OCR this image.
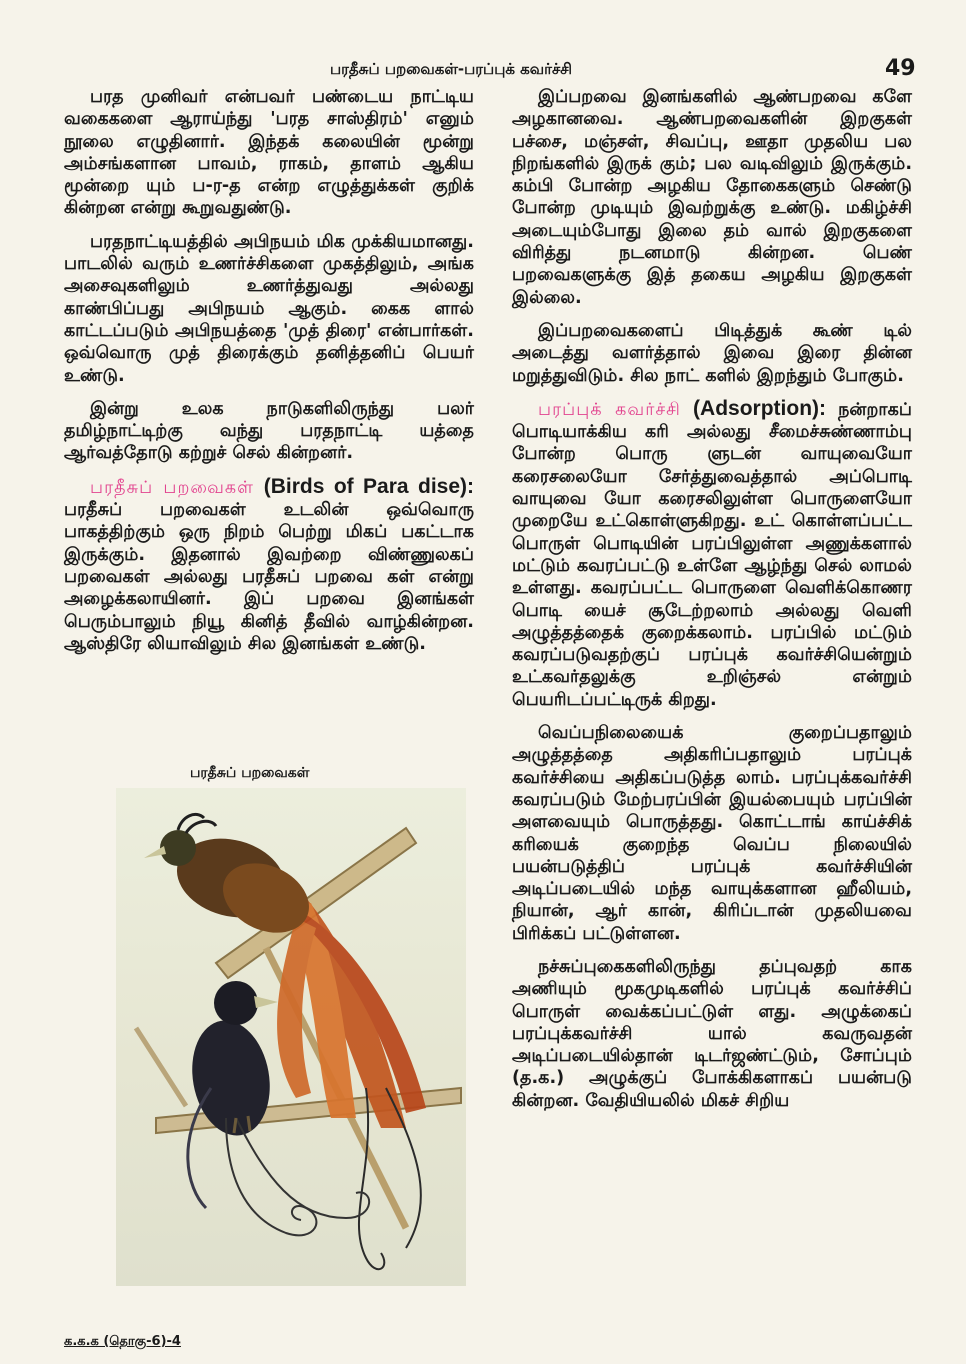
பரதீசுப் பறவைகள்-பரப்புக் கவர்ச்சி	49

பரத முனிவர் என்பவர் பண்டைய நாட்டிய வகைகளை ஆராய்ந்து 'பரத சாஸ்திரம்' எனும் நூலை எழுதினார். இந்தக் கலையின் மூன்று அம்சங்களான பாவம், ராகம், தாளம் ஆகிய மூன்றை யும் ப-ர-த என்ற எழுத்துக்கள் குறிக் கின்றன என்று கூறுவதுண்டு.

பரதநாட்டியத்தில் அபிநயம் மிக முக்கியமானது. பாடலில் வரும் உணர்ச்சிகளை முகத்திலும், அங்க அசைவுகளிலும் உணர்த்துவது அல்லது காண்பிப்பது அபிநயம் ஆகும். கைக ளால் காட்டப்படும் அபிநயத்தை 'முத் திரை' என்பார்கள். ஒவ்வொரு முத் திரைக்கும் தனித்தனிப் பெயர் உண்டு.

இன்று உலக நாடுகளிலிருந்து பலர் தமிழ்நாட்டிற்கு வந்து பரதநாட்டி யத்தை ஆர்வத்தோடு கற்றுச் செல் கின்றனர்.

பரதீசுப் பறவைகள் (Birds of Para dise): பரதீசுப் பறவைகள் உடலின் ஒவ்வொரு பாகத்திற்கும் ஒரு நிறம் பெற்று மிகப் பகட்டாக இருக்கும். இதனால் இவற்றை விண்ணுலகப் பறவைகள் அல்லது பரதீசுப் பறவை கள் என்று அழைக்கலாயினர். இப் பறவை இனங்கள் பெரும்பாலும் நியூ கினித் தீவில் வாழ்கின்றன. ஆஸ்திரே லியாவிலும் சில இனங்கள் உண்டு.

பரதீசுப் பறவைகள்

இப்பறவை இனங்களில் ஆண்பறவை களே அழகானவை. ஆண்பறவைகளின் இறகுகள் பச்சை, மஞ்சள், சிவப்பு, ஊதா முதலிய பல நிறங்களில் இருக் கும்; பல வடிவிலும் இருக்கும். கம்பி போன்ற அழகிய தோகைகளும் செண்டு போன்ற முடியும் இவற்றுக்கு உண்டு. மகிழ்ச்சி அடையும்போது இலை தம் வால் இறகுகளை விரித்து நடனமாடு கின்றன. பெண் பறவைகளுக்கு இத் தகைய அழகிய இறகுகள் இல்லை.

இப்பறவைகளைப் பிடித்துக் கூண் டில் அடைத்து வளர்த்தால் இவை இரை தின்ன மறுத்துவிடும். சில நாட் களில் இறந்தும் போகும்.

பரப்புக் கவர்ச்சி (Adsorption): நன்றாகப் பொடியாக்கிய கரி அல்லது சீமைச்சுண்ணாம்பு போன்ற பொரு ளுடன் வாயுவையோ கரைசலையோ சேர்த்துவைத்தால் அப்பொடி வாயுவை யோ கரைசலிலுள்ள பொருளையோ முறையே உட்கொள்ளுகிறது. உட் கொள்ளப்பட்ட பொருள் பொடியின் பரப்பிலுள்ள அணுக்களால் மட்டும் கவரப்பட்டு உள்ளே ஆழ்ந்து செல் லாமல் உள்ளது. கவரப்பட்ட பொருளை வெளிக்கொணர பொடி யைச் சூடேற்றலாம் அல்லது வெளி அழுத்தத்தைக் குறைக்கலாம். பரப்பில் மட்டும் கவரப்படுவதற்குப் பரப்புக் கவர்ச்சியென்றும் உட்கவர்தலுக்கு உறிஞ்சல் என்றும் பெயரிடப்பட்டிருக் கிறது.

வெப்பநிலையைக் குறைப்பதாலும் அழுத்தத்தை அதிகரிப்பதாலும் பரப்புக் கவர்ச்சியை அதிகப்படுத்த லாம். பரப்புக்கவர்ச்சி கவரப்படும் மேற்பரப்பின் இயல்பையும் பரப்பின் அளவையும் பொருத்தது. கொட்டாங் காய்ச்சிக் கரியைக் குறைந்த வெப்ப நிலையில் பயன்படுத்திப் பரப்புக் கவர்ச்சியின் அடிப்படையில் மந்த வாயுக்களான ஹீலியம், நியான், ஆர் கான், கிரிப்டான் முதலியவை பிரிக்கப் பட்டுள்ளன.

நச்சுப்புகைகளிலிருந்து தப்புவதற் காக அணியும் மூகமுடிகளில் பரப்புக் கவர்ச்சிப் பொருள் வைக்கப்பட்டுள் ளது. அழுக்கைப் பரப்புக்கவர்ச்சி யால் கவருவதன் அடிப்படையில்தான் டிடர்ஜண்ட்டும், சோப்பும் (த.க.) அழுக்குப் போக்கிகளாகப் பயன்படு கின்றன. வேதியியலில் மிகச் சிறிய

க.க.க (தொகு-6)-4
